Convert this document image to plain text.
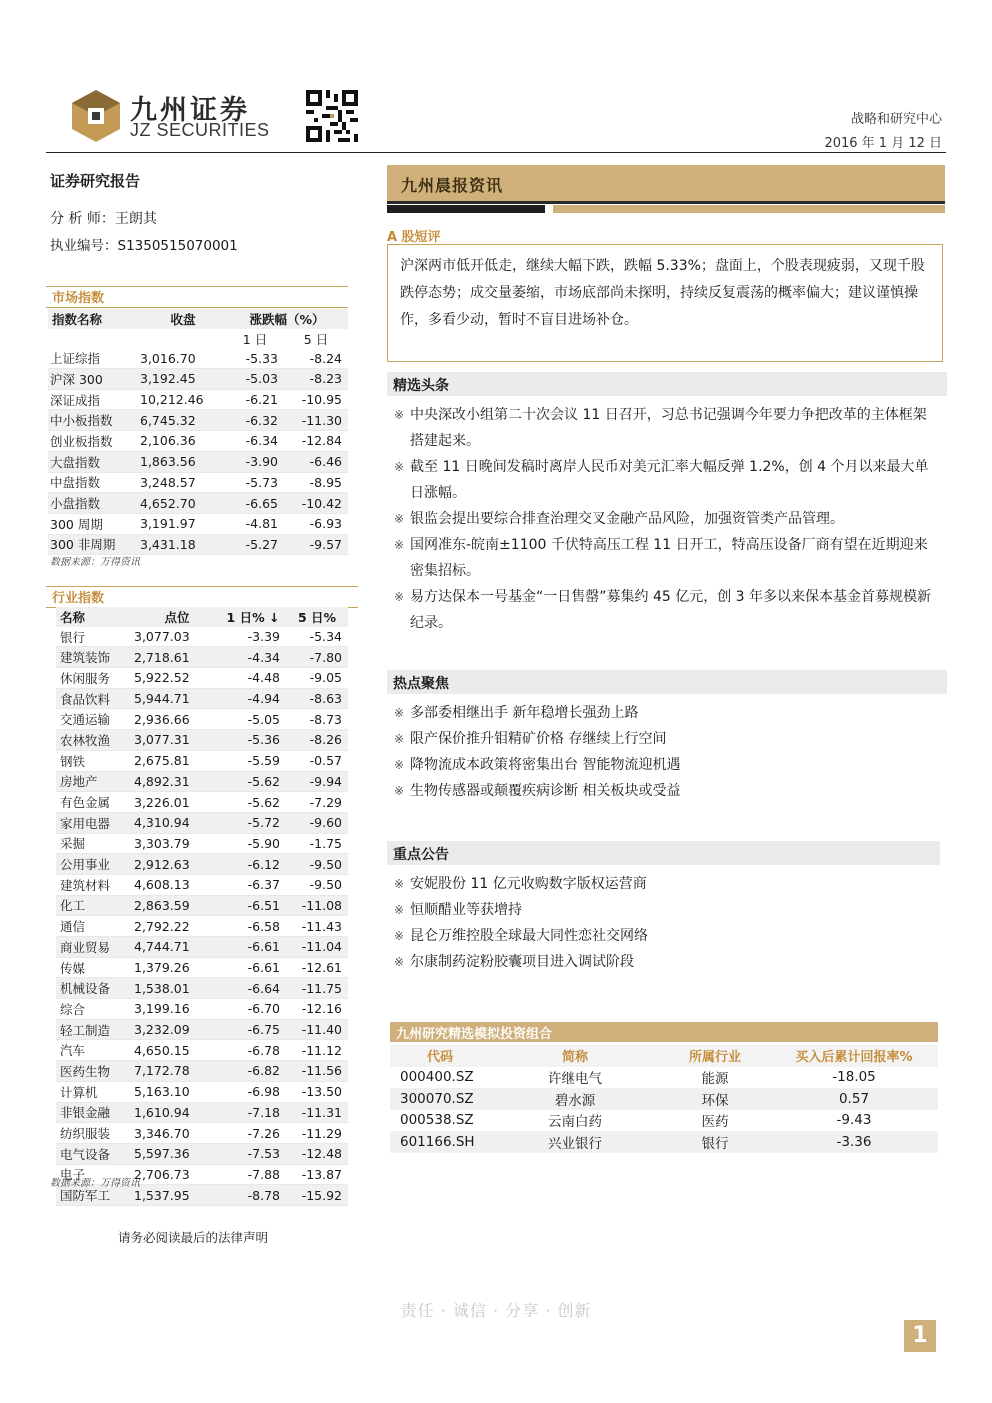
九州证券
JZ SECURITIES
战略和研究中心
2016 年 1 月 12 日
证券研究报告
分 析 师：王朗其
执业编号：S1350515070001
市场指数
指数名称	收盘	涨跌幅（%）	
		1 日	5 日
上证综指	3,016.70	-5.33	-8.24
沪深 300	3,192.45	-5.03	-8.23
深证成指	10,212.46	-6.21	-10.95
中小板指数	6,745.32	-6.32	-11.30
创业板指数	2,106.36	-6.34	-12.84
大盘指数	1,863.56	-3.90	-6.46
中盘指数	3,248.57	-5.73	-8.95
小盘指数	4,652.70	-6.65	-10.42
300 周期	3,191.97	-4.81	-6.93
300 非周期	3,431.18	-5.27	-9.57
数据来源：万得资讯
行业指数
名称	点位	1 日% ↓	5 日%
银行	3,077.03	-3.39	-5.34
建筑装饰	2,718.61	-4.34	-7.80
休闲服务	5,922.52	-4.48	-9.05
食品饮料	5,944.71	-4.94	-8.63
交通运输	2,936.66	-5.05	-8.73
农林牧渔	3,077.31	-5.36	-8.26
钢铁	2,675.81	-5.59	-0.57
房地产	4,892.31	-5.62	-9.94
有色金属	3,226.01	-5.62	-7.29
家用电器	4,310.94	-5.72	-9.60
采掘	3,303.79	-5.90	-1.75
公用事业	2,912.63	-6.12	-9.50
建筑材料	4,608.13	-6.37	-9.50
化工	2,863.59	-6.51	-11.08
通信	2,792.22	-6.58	-11.43
商业贸易	4,744.71	-6.61	-11.04
传媒	1,379.26	-6.61	-12.61
机械设备	1,538.01	-6.64	-11.75
综合	3,199.16	-6.70	-12.16
轻工制造	3,232.09	-6.75	-11.40
汽车	4,650.15	-6.78	-11.12
医药生物	7,172.78	-6.82	-11.56
计算机	5,163.10	-6.98	-13.50
非银金融	1,610.94	-7.18	-11.31
纺织服装	3,346.70	-7.26	-11.29
电气设备	5,597.36	-7.53	-12.48
电子	2,706.73	-7.88	-13.87
国防军工	1,537.95	-8.78	-15.92
数据来源：万得资讯
请务必阅读最后的法律声明
九州晨报资讯
A 股短评
沪深两市低开低走，继续大幅下跌，跌幅 5.33%；盘面上，个股表现疲弱，又现千股跌停态势；成交量萎缩，市场底部尚未探明，持续反复震荡的概率偏大；建议谨慎操作，多看少动，暂时不盲目进场补仓。
精选头条
※ 中央深改小组第二十次会议 11 日召开，习总书记强调今年要力争把改革的主体框架搭建起来。
※ 截至 11 日晚间发稿时离岸人民币对美元汇率大幅反弹 1.2%，创 4 个月以来最大单日涨幅。
※ 银监会提出要综合排查治理交叉金融产品风险，加强资管类产品管理。
※ 国网准东-皖南±1100 千伏特高压工程 11 日开工，特高压设备厂商有望在近期迎来密集招标。
※ 易方达保本一号基金“一日售罄”募集约 45 亿元，创 3 年多以来保本基金首募规模新纪录。
热点聚焦
※ 多部委相继出手 新年稳增长强劲上路
※ 限产保价推升钼精矿价格 存继续上行空间
※ 降物流成本政策将密集出台 智能物流迎机遇
※ 生物传感器或颠覆疾病诊断 相关板块或受益
重点公告
※ 安妮股份 11 亿元收购数字版权运营商
※ 恒顺醋业等获增持
※ 昆仑万维控股全球最大同性恋社交网络
※ 尔康制药淀粉胶囊项目进入调试阶段
九州研究精选模拟投资组合
代码	简称	所属行业	买入后累计回报率%
000400.SZ	许继电气	能源	-18.05
300070.SZ	碧水源	环保	0.57
000538.SZ	云南白药	医药	-9.43
601166.SH	兴业银行	银行	-3.36
责任 · 诚信 · 分享 · 创新
1
